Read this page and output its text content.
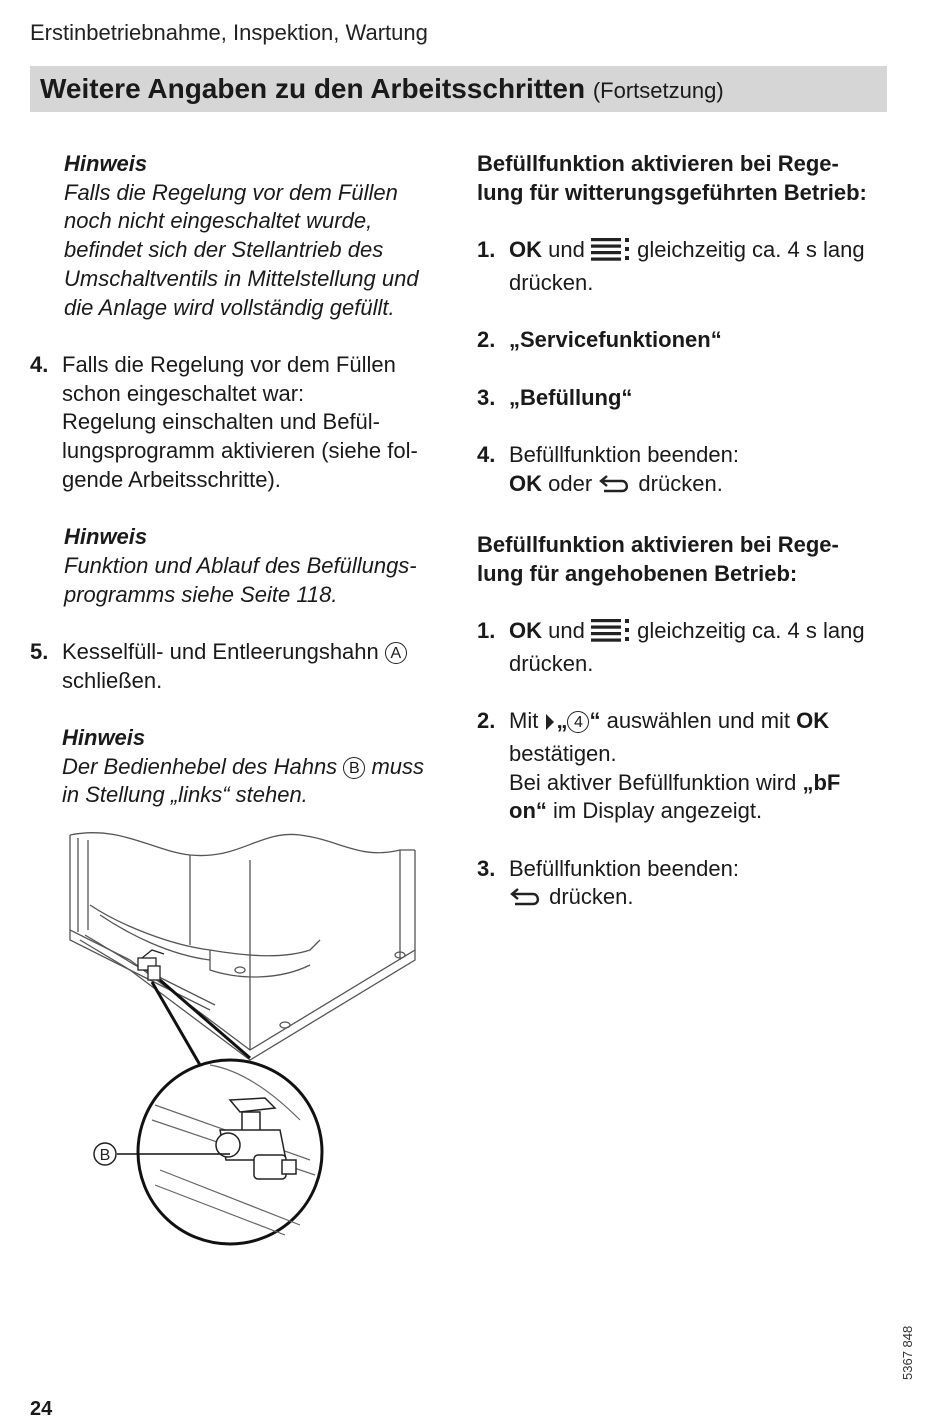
Erstinbetriebnahme, Inspektion, Wartung
Weitere Angaben zu den Arbeitsschritten (Fortsetzung)
Hinweis
Falls die Regelung vor dem Füllen
noch nicht eingeschaltet wurde,
befindet sich der Stellantrieb des
Umschaltventils in Mittelstellung und
die Anlage wird vollständig gefüllt.
4. Falls die Regelung vor dem Füllen
schon eingeschaltet war:
Regelung einschalten und Befül-
lungsprogramm aktivieren (siehe fol-
gende Arbeitsschritte).
Hinweis
Funktion und Ablauf des Befüllungs-
programms siehe Seite 118.
5. Kesselfüll- und Entleerungshahn A
schließen.
Hinweis
Der Bedienhebel des Hahns B muss
in Stellung „links“ stehen.
B
Befüllfunktion aktivieren bei Rege-
lung für witterungsgeführten Betrieb:
1. OK und gleichzeitig ca. 4 s lang
drücken.
2. „Servicefunktionen“
3. „Befüllung“
4. Befüllfunktion beenden:
OK oder drücken.
Befüllfunktion aktivieren bei Rege-
lung für angehobenen Betrieb:
1. OK und gleichzeitig ca. 4 s lang
drücken.
2. Mit „ 4 “ auswählen und mit OK
bestätigen.
Bei aktiver Befüllfunktion wird „bF
on“ im Display angezeigt.
3. Befüllfunktion beenden:
drücken.
24
5367 848
